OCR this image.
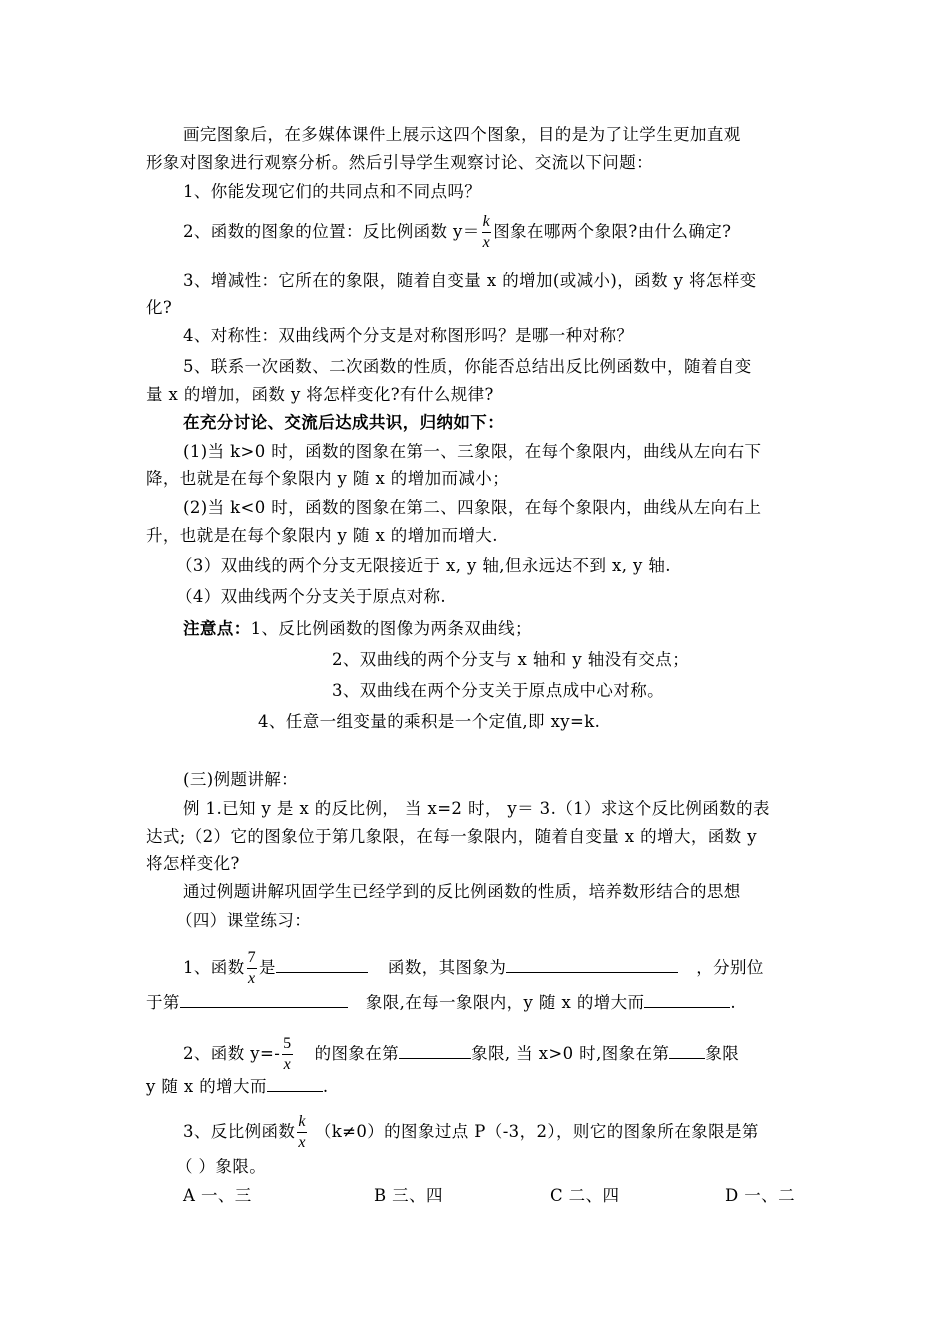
画完图象后，在多媒体课件上展示这四个图象，目的是为了让学生更加直观
形象对图象进行观察分析。然后引导学生观察讨论、交流以下问题：
1、你能发现它们的共同点和不同点吗？
2、函数的图象的位置：反比例函数 $y= \frac{k}{x}$ 图象在哪两个象限?由什么确定?
3、增减性：它所在的象限，随着自变量 x 的增加(或减小)，函数 y 将怎样变
化?
4、对称性：双曲线两个分支是对称图形吗？是哪一种对称？
5、联系一次函数、二次函数的性质，你能否总结出反比例函数中，随着自变
量 x 的增加，函数 y 将怎样变化?有什么规律?
在充分讨论、交流后达成共识，归纳如下：
(1)当 k>0 时，函数的图象在第一、三象限，在每个象限内，曲线从左向右下
降，也就是在每个象限内 y 随 x 的增加而减小；
(2)当 k<0 时，函数的图象在第二、四象限，在每个象限内，曲线从左向右上
升，也就是在每个象限内 y 随 x 的增加而增大.
（3）双曲线的两个分支无限接近于 x, y 轴,但永远达不到 x, y 轴.
（4）双曲线两个分支关于原点对称.
注意点：1、反比例函数的图像为两条双曲线；
2、双曲线的两个分支与 x 轴和 y 轴没有交点；
3、双曲线在两个分支关于原点成中心对称。
4、任意一组变量的乘积是一个定值,即 xy=k.
(三)例题讲解：
例 1.已知 y 是 x 的反比例， 当 x=2 时， y＝ 3.（1）求这个反比例函数的表
达式;（2）它的图象位于第几象限，在每一象限内，随着自变量 x 的增大，函数 y
将怎样变化?
通过例题讲解巩固学生已经学到的反比例函数的性质，培养数形结合的思想
（四）课堂练习：
1、函数 $\frac{7}{x}$ 是	函数，其图象为	，分别位
于第	象限,在每一象限内，y 随 x 的增大而	.
2、函数 $y=- \frac{5}{x}$ 的图象在第	象限, 当 x>0 时,图象在第 象限
y 随 x 的增大而	.
3、反比例函数 $\frac{k}{x} (k\ne 0)$的图象过点 P（-3，2），则它的图象所在象限是第
（ ）象限。
A 一、三	B 三、四	C 二、四	D 一、二
